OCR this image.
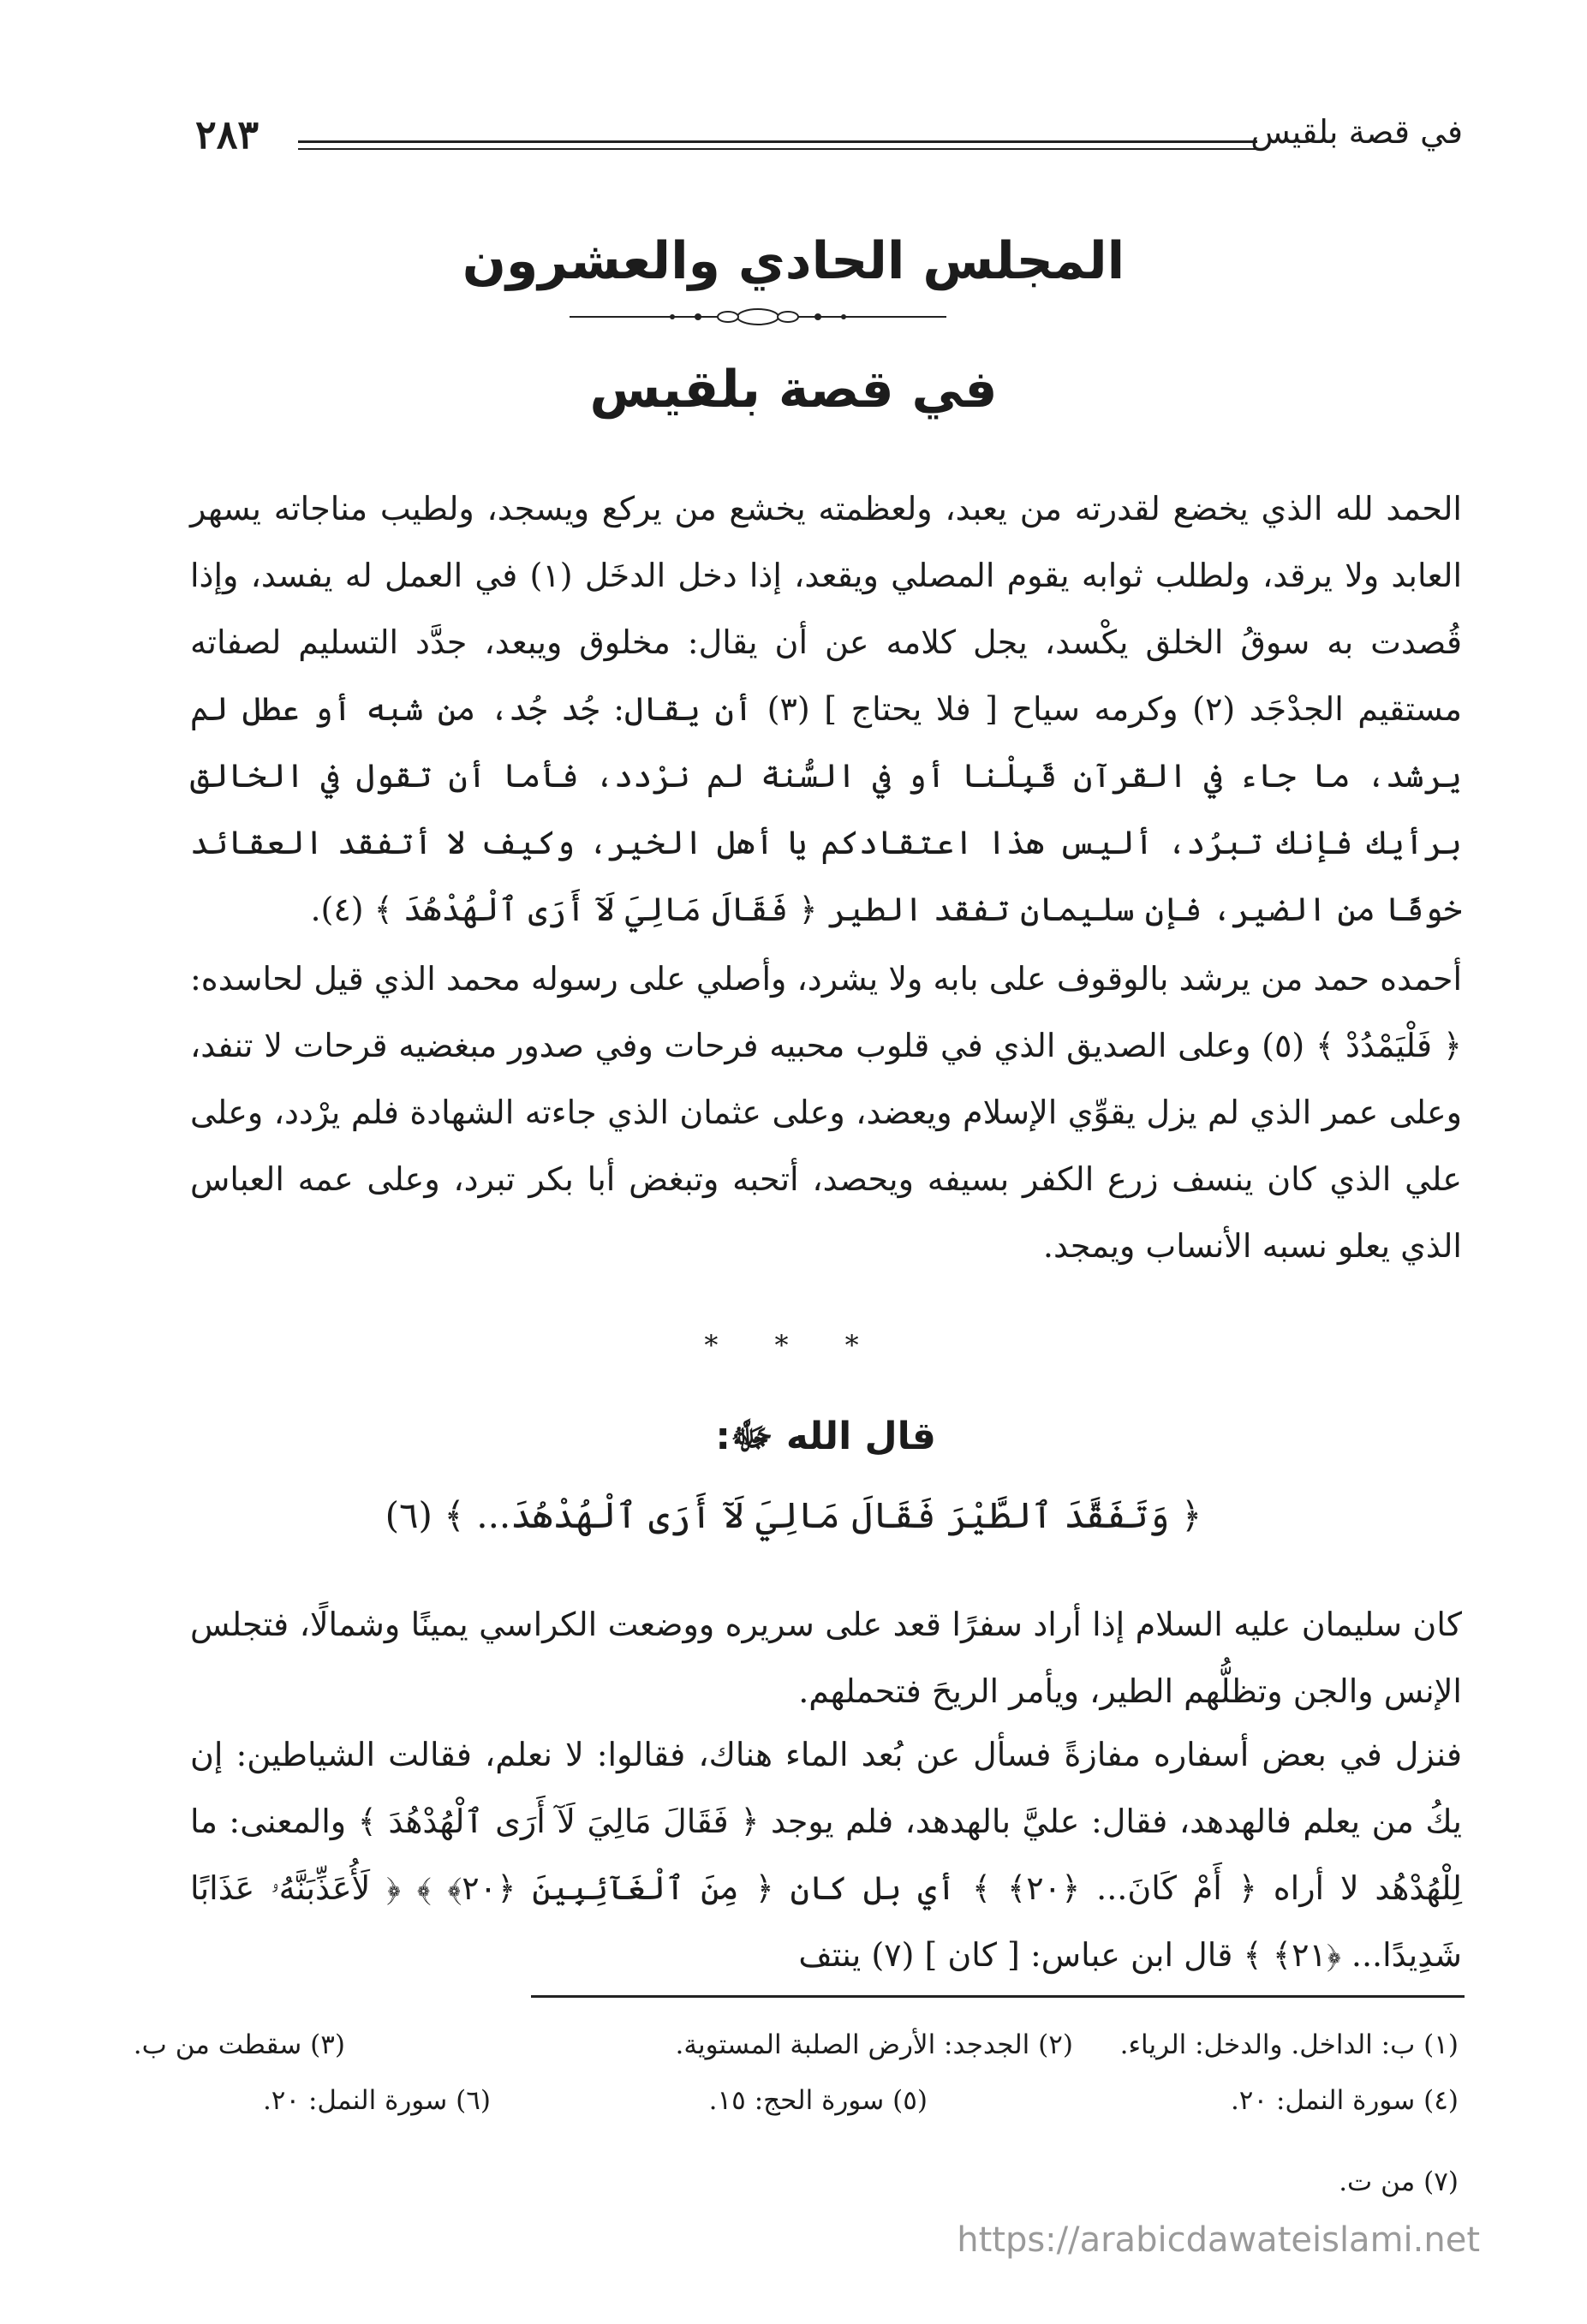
٢٨٣	في قصة بلقيس
المجلس الحادي والعشرون
في قصة بلقيس

الحمد لله الذي يخضع لقدرته من يعبد، ولعظمته يخشع من يركع ويسجد، ولطيب مناجاته يسهر العابد ولا يرقد، ولطلب ثوابه يقوم المصلي ويقعد، إذا دخل الدخَل (١) في العمل له يفسد، وإذا قُصدت به سوقُ الخلق يكْسد، يجل كلامه عن أن يقال: مخلوق ويبعد، جدَّد التسليم لصفاته مستقيم الجدْجَد (٢) وكرمه سياح [ فلا يحتاج ] (٣) أن يقال: جُد جُد، من شبه أو عطل لم يرشد، ما جاء في القرآن قَبِلْنا أو في السُّنة لم نرْدد، فأما أن تقول في الخالق برأيك فإنك تبرُد، أليس هذا اعتقادكم يا أهل الخير، وكيف لا أتفقد العقائد خوفًا من الضير، فإن سليمان تفقد الطير ﴿ فَقَالَ مَالِيَ لَآ أَرَى ٱلْهُدْهُدَ ﴾ (٤).

أحمده حمد من يرشد بالوقوف على بابه ولا يشرد، وأصلي على رسوله محمد الذي قيل لحاسده: ﴿ فَلْيَمْدُدْ ﴾ (٥) وعلى الصديق الذي في قلوب محبيه فرحات وفي صدور مبغضيه قرحات لا تنفد، وعلى عمر الذي لم يزل يقوِّي الإسلام ويعضد، وعلى عثمان الذي جاءته الشهادة فلم يرْدد، وعلى علي الذي كان ينسف زرع الكفر بسيفه ويحصد، أتحبه وتبغض أبا بكر تبرد، وعلى عمه العباس الذي يعلو نسبه الأنساب ويمجد.

* * *
قال الله ﷻ:
﴿ وَتَفَقَّدَ ٱلطَّيْرَ فَقَالَ مَالِيَ لَآ أَرَى ٱلْهُدْهُدَ... ﴾ (٦)

كان سليمان عليه السلام إذا أراد سفرًا قعد على سريره ووضعت الكراسي يمينًا وشمالًا، فتجلس الإنس والجن وتظلُّهم الطير، ويأمر الريحَ فتحملهم.

فنزل في بعض أسفاره مفازةً فسأل عن بُعد الماء هناك، فقالوا: لا نعلم، فقالت الشياطين: إن يكُ من يعلم فالهدهد، فقال: عليَّ بالهدهد، فلم يوجد ﴿ فَقَالَ مَالِيَ لَآ أَرَى ٱلْهُدْهُدَ ﴾ والمعنى: ما لِلْهُدْهُد لا أراه ﴿ أَمْ كَانَ... ﴿٢٠﴾ ﴾ أي بل كان ﴿ مِنَ ٱلْغَآئِبِينَ ﴿٢٠﴾ ﴾ ﴿ لَأُعَذِّبَنَّهُۥ عَذَابًا شَدِيدًا... ﴿٢١﴾ ﴾ قال ابن عباس: [ كان ] (٧) ينتف

(١) ب: الداخل. والدخل: الرياء.
(٢) الجدجد: الأرض الصلبة المستوية.
(٣) سقطت من ب.
(٤) سورة النمل: ٢٠.
(٥) سورة الحج: ١٥.
(٦) سورة النمل: ٢٠.
(٧) من ت.
https://arabicdawateislami.net
